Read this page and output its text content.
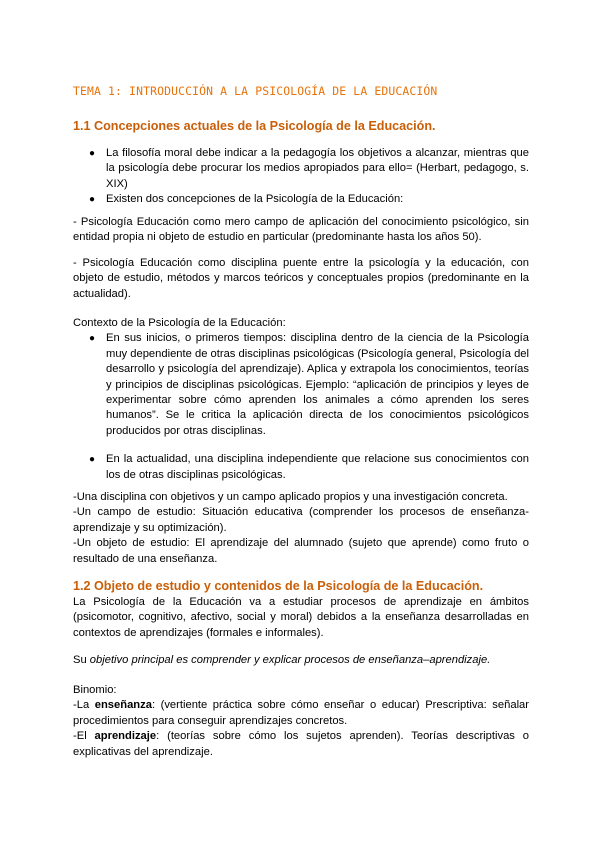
TEMA 1: INTRODUCCIÓN A LA PSICOLOGÍA DE LA EDUCACIÓN
1.1 Concepciones actuales de la Psicología de la Educación.
● La filosofía moral debe indicar a la pedagogía los objetivos a alcanzar, mientras que la psicología debe procurar los medios apropiados para ello= (Herbart, pedagogo, s. XIX)
● Existen dos concepciones de la Psicología de la Educación:

- Psicología Educación como mero campo de aplicación del conocimiento psicológico, sin entidad propia ni objeto de estudio en particular (predominante hasta los años 50).

- Psicología Educación como disciplina puente entre la psicología y la educación, con objeto de estudio, métodos y marcos teóricos y conceptuales propios (predominante en la actualidad).

Contexto de la Psicología de la Educación:

● En sus inicios, o primeros tiempos: disciplina dentro de la ciencia de la Psicología muy dependiente de otras disciplinas psicológicas (Psicología general, Psicología del desarrollo y psicología del aprendizaje). Aplica y extrapola los conocimientos, teorías y principios de disciplinas psicológicas. Ejemplo: “aplicación de principios y leyes de experimentar sobre cómo aprenden los animales a cómo aprenden los seres humanos”. Se le critica la aplicación directa de los conocimientos psicológicos producidos por otras disciplinas.
● En la actualidad, una disciplina independiente que relacione sus conocimientos con los de otras disciplinas psicológicas.

-Una disciplina con objetivos y un campo aplicado propios y una investigación concreta.

-Un campo de estudio: Situación educativa (comprender los procesos de enseñanza-aprendizaje y su optimización).

-Un objeto de estudio: El aprendizaje del alumnado (sujeto que aprende) como fruto o resultado de una enseñanza.

1.2 Objeto de estudio y contenidos de la Psicología de la Educación.

La Psicología de la Educación va a estudiar procesos de aprendizaje en ámbitos (psicomotor, cognitivo, afectivo, social y moral) debidos a la enseñanza desarrolladas en contextos de aprendizajes (formales e informales).

Su objetivo principal es comprender y explicar procesos de enseñanza–aprendizaje.

Binomio:

-La enseñanza: (vertiente práctica sobre cómo enseñar o educar) Prescriptiva: señalar procedimientos para conseguir aprendizajes concretos.

-El aprendizaje: (teorías sobre cómo los sujetos aprenden). Teorías descriptivas o explicativas del aprendizaje.
